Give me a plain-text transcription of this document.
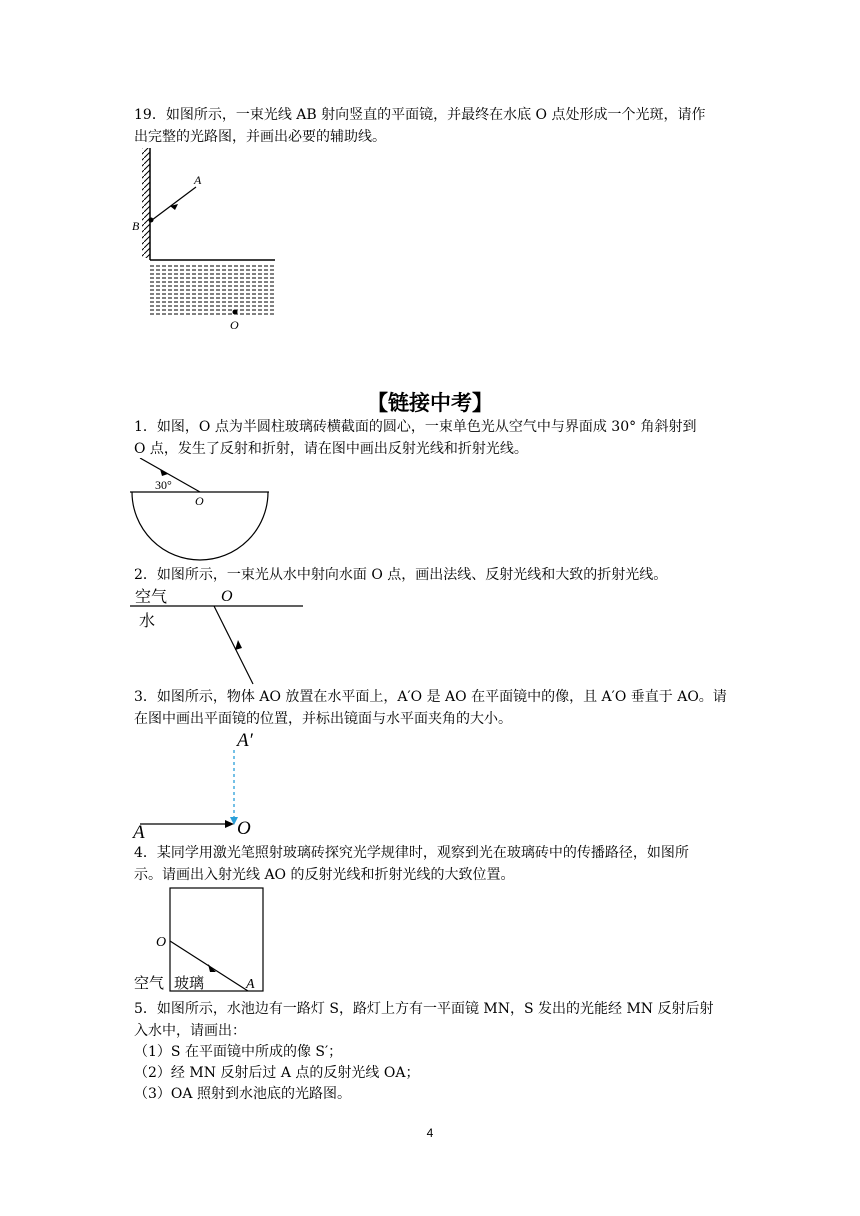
19．如图所示，一束光线 AB 射向竖直的平面镜，并最终在水底 O 点处形成一个光斑，请作
出完整的光路图，并画出必要的辅助线。
A
B
O
【链接中考】
1．如图，O 点为半圆柱玻璃砖横截面的圆心，一束单色光从空气中与界面成 30° 角斜射到
O 点，发生了反射和折射，请在图中画出反射光线和折射光线。
30°
O
2．如图所示，一束光从水中射向水面 O 点，画出法线、反射光线和大致的折射光线。
空气
水
O
3．如图所示，物体 AO 放置在水平面上，A′O 是 AO 在平面镜中的像，且 A′O 垂直于 AO。请
在图中画出平面镜的位置，并标出镜面与水平面夹角的大小。
A′
A	O
4．某同学用激光笔照射玻璃砖探究光学规律时，观察到光在玻璃砖中的传播路径，如图所
示。请画出入射光线 AO 的反射光线和折射光线的大致位置。
O
A
空气 玻璃
5．如图所示，水池边有一路灯 S，路灯上方有一平面镜 MN，S 发出的光能经 MN 反射后射
入水中，请画出：
（1）S 在平面镜中所成的像 S′；
（2）经 MN 反射后过 A 点的反射光线 OA；
（3）OA 照射到水池底的光路图。
4
